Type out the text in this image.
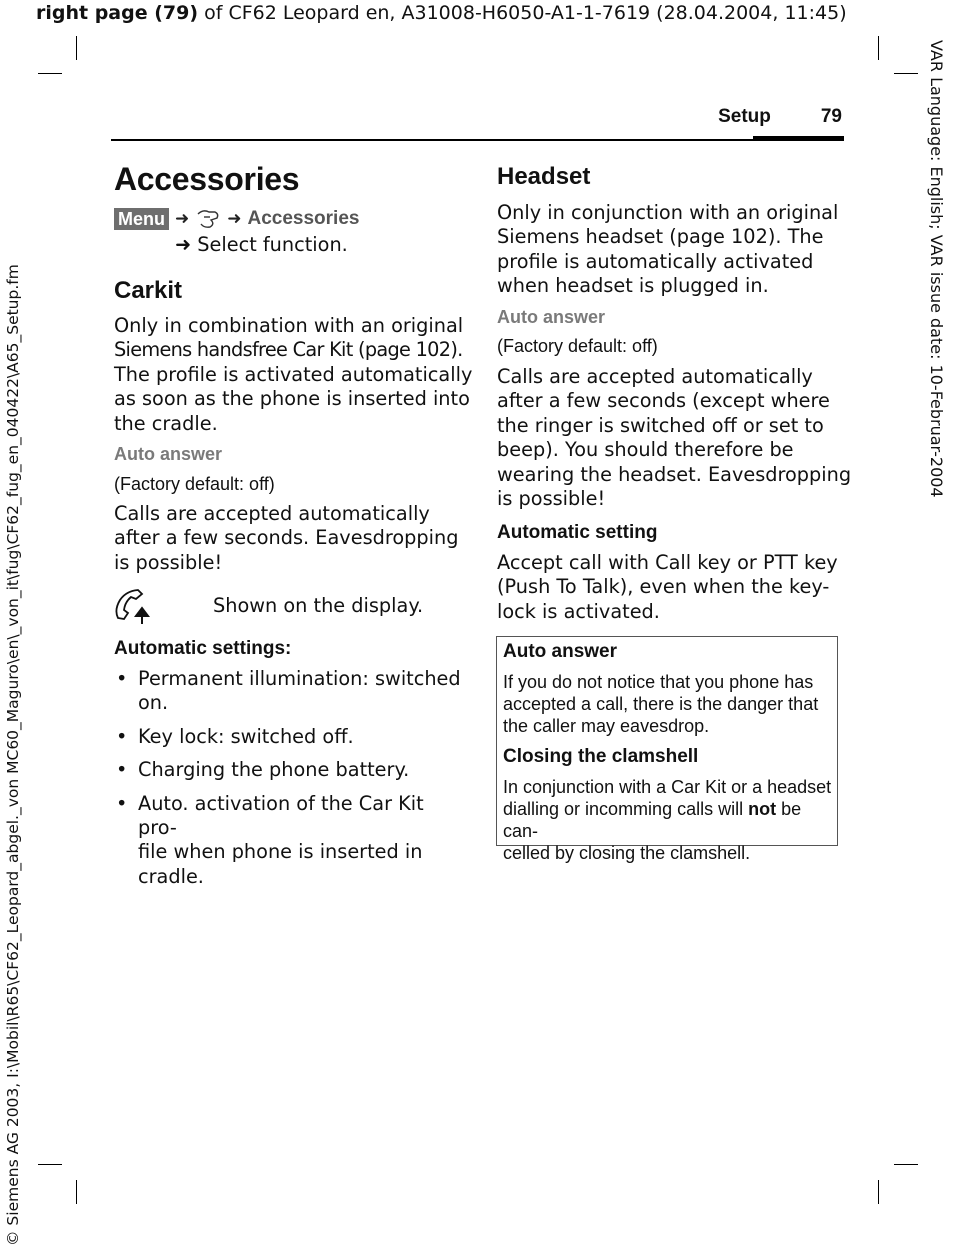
right page (79) of CF62 Leopard en, A31008-H6050-A1-1-7619 (28.04.2004, 11:45)
© Siemens AG 2003, I:\Mobil\R65\CF62_Leopard_abgel._von MC60_Maguro\en\_von_it\fug\CF62_fug_en_040422\A65_Setup.fm	VAR Language: English; VAR issue date: 10-Februar-2004
Setup	79
Accessories
Menu ➜ ➜ Accessories
➜ Select function.
Carkit
Only in combination with an original
Siemens handsfree Car Kit (page 102).
The profile is activated automatically
as soon as the phone is inserted into
the cradle.
Auto answer
(Factory default: off)
Calls are accepted automatically
after a few seconds. Eavesdropping
is possible!
Shown on the display.
Automatic settings:
• Permanent illumination: switched
on.
• Key lock: switched off.
• Charging the phone battery.
• Auto. activation of the Car Kit pro-
file when phone is inserted in
cradle.
Headset
Only in conjunction with an original
Siemens headset (page 102). The
profile is automatically activated
when headset is plugged in.
Auto answer
(Factory default: off)
Calls are accepted automatically
after a few seconds (except where
the ringer is switched off or set to
beep). You should therefore be
wearing the headset. Eavesdropping
is possible!
Automatic setting
Accept call with Call key or PTT key
(Push To Talk), even when the key-
lock is activated.
Auto answer
If you do not notice that you phone has
accepted a call, there is the danger that
the caller may eavesdrop.
Closing the clamshell
In conjunction with a Car Kit or a headset
dialling or incomming calls will not be can-
celled by closing the clamshell.
